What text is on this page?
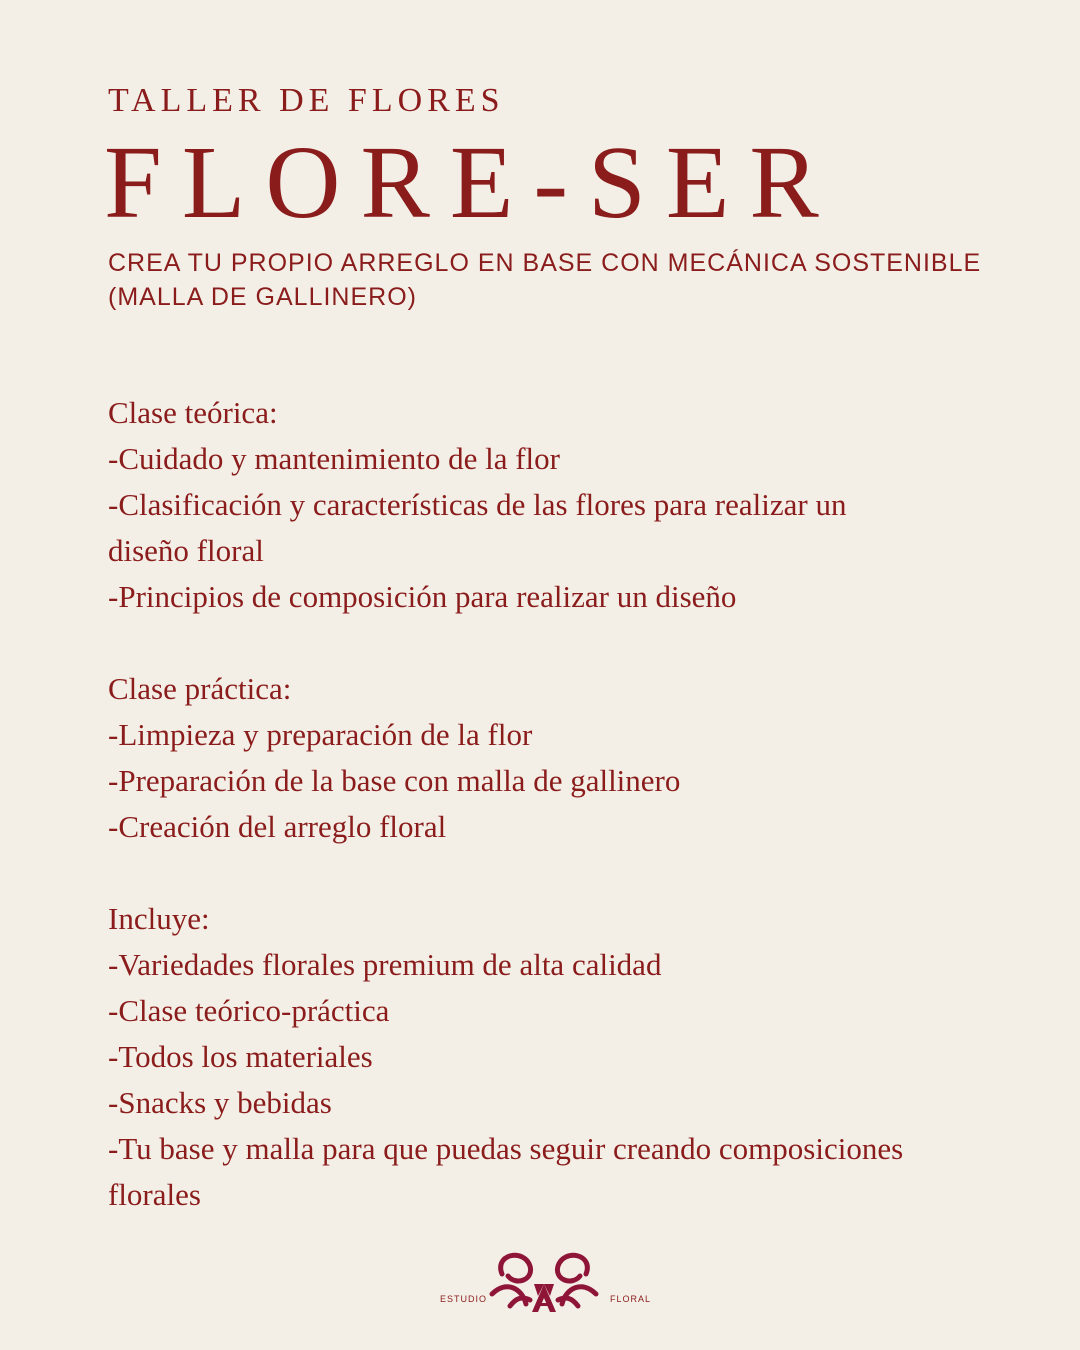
TALLER DE FLORES
FLORE-SER
CREA TU PROPIO ARREGLO EN BASE CON MECÁNICA SOSTENIBLE
(MALLA DE GALLINERO)
Clase teórica:
-Cuidado y mantenimiento de la flor
-Clasificación y características de las flores para realizar un
diseño floral
-Principios de composición para realizar un diseño
Clase práctica:
-Limpieza y preparación de la flor
-Preparación de la base con malla de gallinero
-Creación del arreglo floral
Incluye:
-Variedades florales premium de alta calidad
-Clase teórico-práctica
-Todos los materiales
-Snacks y bebidas
-Tu base y malla para que puedas seguir creando composiciones
florales
ESTUDIO	FLORAL
